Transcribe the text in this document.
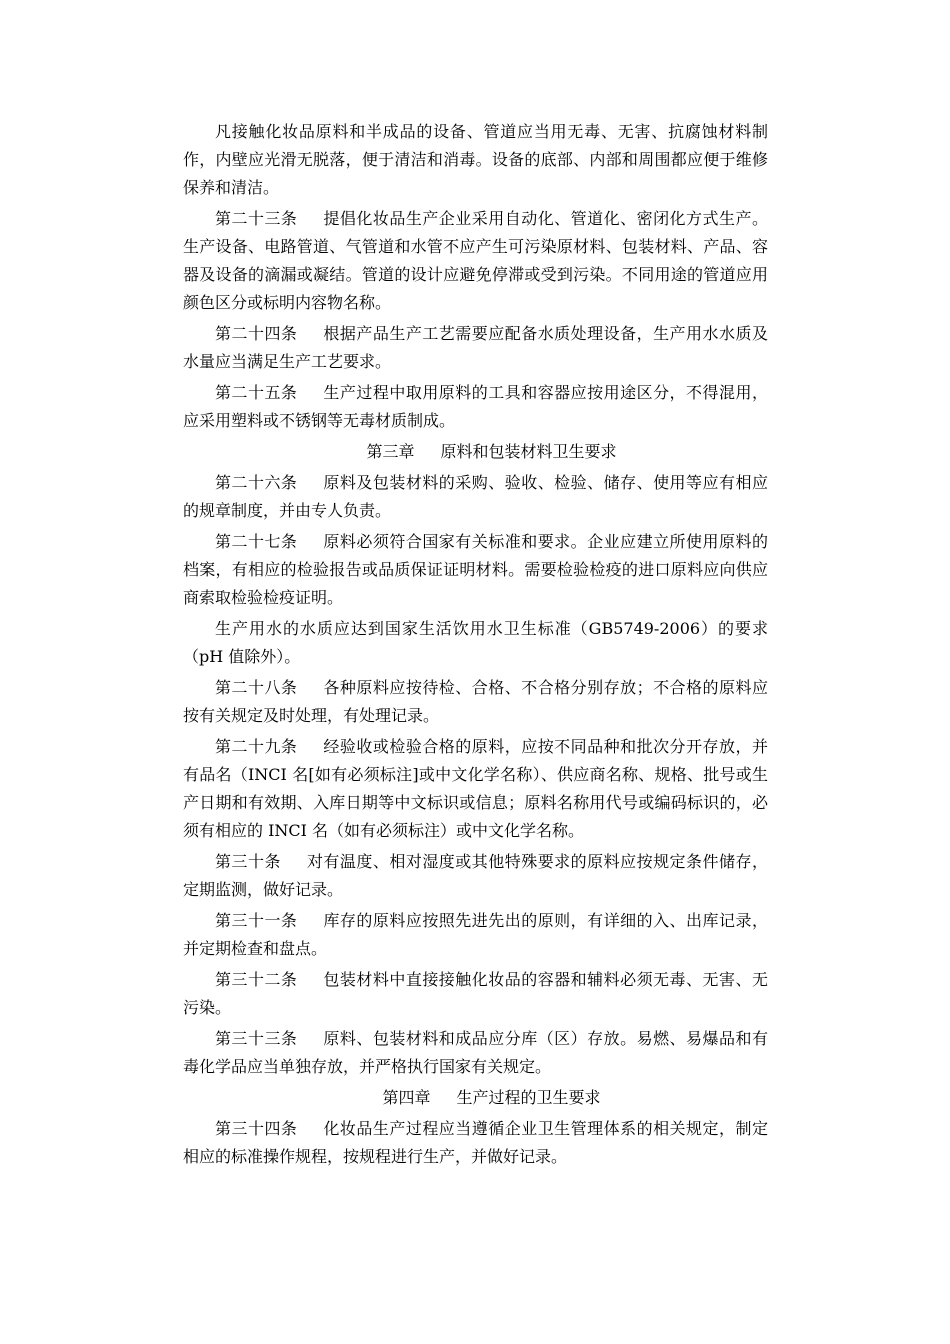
凡接触化妆品原料和半成品的设备、管道应当用无毒、无害、抗腐蚀材料制作，内壁应光滑无脱落，便于清洁和消毒。设备的底部、内部和周围都应便于维修保养和清洁。

第二十三条 提倡化妆品生产企业采用自动化、管道化、密闭化方式生产。生产设备、电路管道、气管道和水管不应产生可污染原材料、包装材料、产品、容器及设备的滴漏或凝结。管道的设计应避免停滞或受到污染。不同用途的管道应用颜色区分或标明内容物名称。

第二十四条 根据产品生产工艺需要应配备水质处理设备，生产用水水质及水量应当满足生产工艺要求。

第二十五条 生产过程中取用原料的工具和容器应按用途区分，不得混用，应采用塑料或不锈钢等无毒材质制成。

第三章 原料和包装材料卫生要求

第二十六条 原料及包装材料的采购、验收、检验、储存、使用等应有相应的规章制度，并由专人负责。

第二十七条 原料必须符合国家有关标准和要求。企业应建立所使用原料的档案，有相应的检验报告或品质保证证明材料。需要检验检疫的进口原料应向供应商索取检验检疫证明。

生产用水的水质应达到国家生活饮用水卫生标准（GB5749-2006）的要求（pH 值除外）。

第二十八条 各种原料应按待检、合格、不合格分别存放；不合格的原料应按有关规定及时处理，有处理记录。

第二十九条 经验收或检验合格的原料，应按不同品种和批次分开存放，并有品名（INCI 名[如有必须标注]或中文化学名称）、供应商名称、规格、批号或生产日期和有效期、入库日期等中文标识或信息；原料名称用代号或编码标识的，必须有相应的 INCI 名（如有必须标注）或中文化学名称。

第三十条 对有温度、相对湿度或其他特殊要求的原料应按规定条件储存，定期监测，做好记录。

第三十一条 库存的原料应按照先进先出的原则，有详细的入、出库记录，并定期检查和盘点。

第三十二条 包装材料中直接接触化妆品的容器和辅料必须无毒、无害、无污染。

第三十三条 原料、包装材料和成品应分库（区）存放。易燃、易爆品和有毒化学品应当单独存放，并严格执行国家有关规定。

第四章 生产过程的卫生要求

第三十四条 化妆品生产过程应当遵循企业卫生管理体系的相关规定，制定相应的标准操作规程，按规程进行生产，并做好记录。
